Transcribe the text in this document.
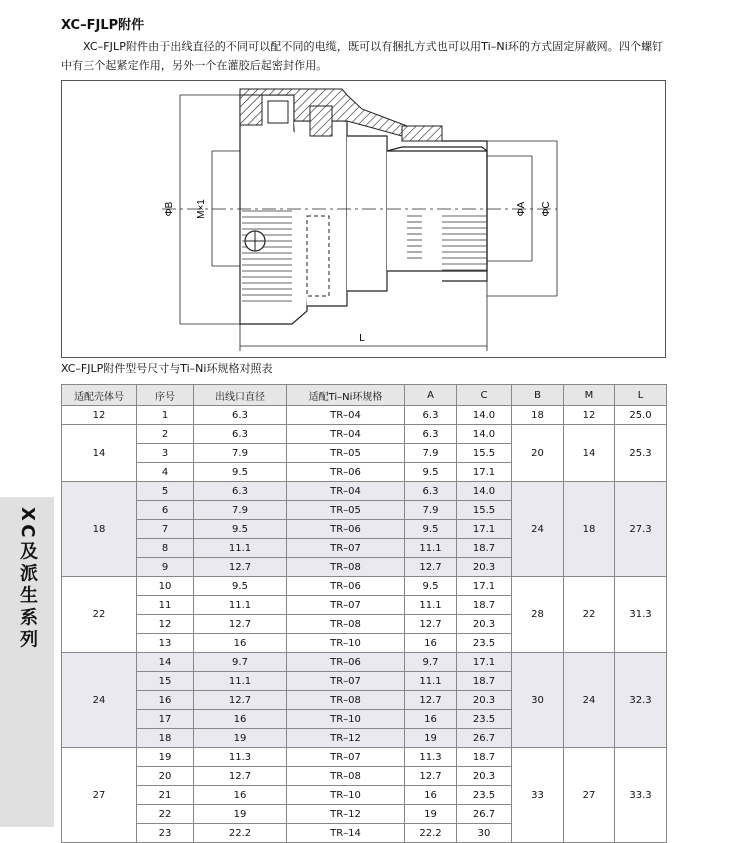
XC–FJLP附件
XC–FJLP附件由于出线直径的不同可以配不同的电缆，既可以有捆扎方式也可以用Ti–Ni环的方式固定屏蔽网。四个螺钉中有三个起紧定作用，另外一个在灌胶后起密封作用。
ΦB M×1	ΦA ΦC
L
XC–FJLP附件型号尺寸与Ti–Ni环规格对照表
适配壳体号	序号	出线口直径	适配Ti–Ni环规格	A	C	B	M	L
12	1	6.3	TR–04	6.3	14.0	18	12	25.0
14	2	6.3	TR–04	6.3	14.0	20	14	25.3
	3	7.9	TR–05	7.9	15.5			
	4	9.5	TR–06	9.5	17.1			
18	5	6.3	TR–04	6.3	14.0	24	18	27.3
	6	7.9	TR–05	7.9	15.5			
	7	9.5	TR–06	9.5	17.1			
	8	11.1	TR–07	11.1	18.7			
	9	12.7	TR–08	12.7	20.3			
22	10	9.5	TR–06	9.5	17.1	28	22	31.3
	11	11.1	TR–07	11.1	18.7			
	12	12.7	TR–08	12.7	20.3			
	13	16	TR–10	16	23.5			
24	14	9.7	TR–06	9.7	17.1	30	24	32.3
	15	11.1	TR–07	11.1	18.7			
	16	12.7	TR–08	12.7	20.3			
	17	16	TR–10	16	23.5			
	18	19	TR–12	19	26.7			
27	19	11.3	TR–07	11.3	18.7	33	27	33.3
	20	12.7	TR–08	12.7	20.3			
	21	16	TR–10	16	23.5			
	22	19	TR–12	19	26.7			
	23	22.2	TR–14	22.2	30			
XC及派生系列
